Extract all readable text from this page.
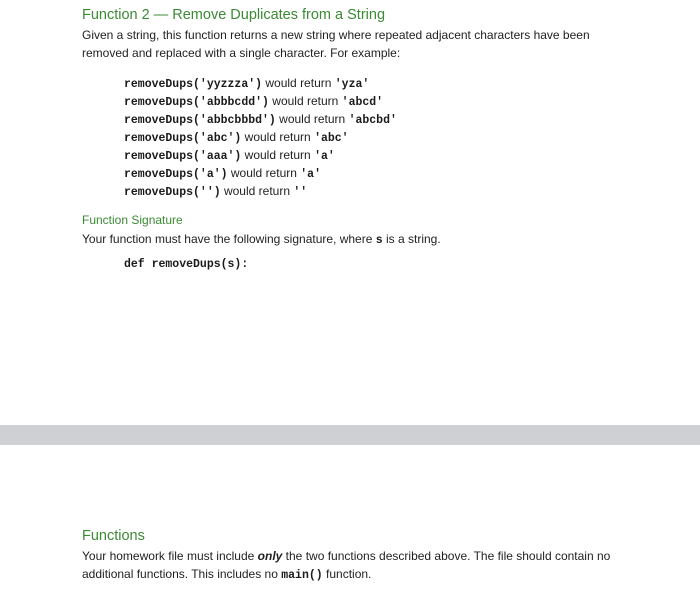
Function 2 — Remove Duplicates from a String
Given a string, this function returns a new string where repeated adjacent characters have been
removed and replaced with a single character. For example:
removeDups('yyzzza') would return 'yza'
removeDups('abbbcdd') would return 'abcd'
removeDups('abbcbbbd') would return 'abcbd'
removeDups('abc') would return 'abc'
removeDups('aaa') would return 'a'
removeDups('a') would return 'a'
removeDups('') would return ''
Function Signature
Your function must have the following signature, where s is a string.
def removeDups(s):
Functions
Your homework file must include only the two functions described above. The file should contain no
additional functions. This includes no main() function.
